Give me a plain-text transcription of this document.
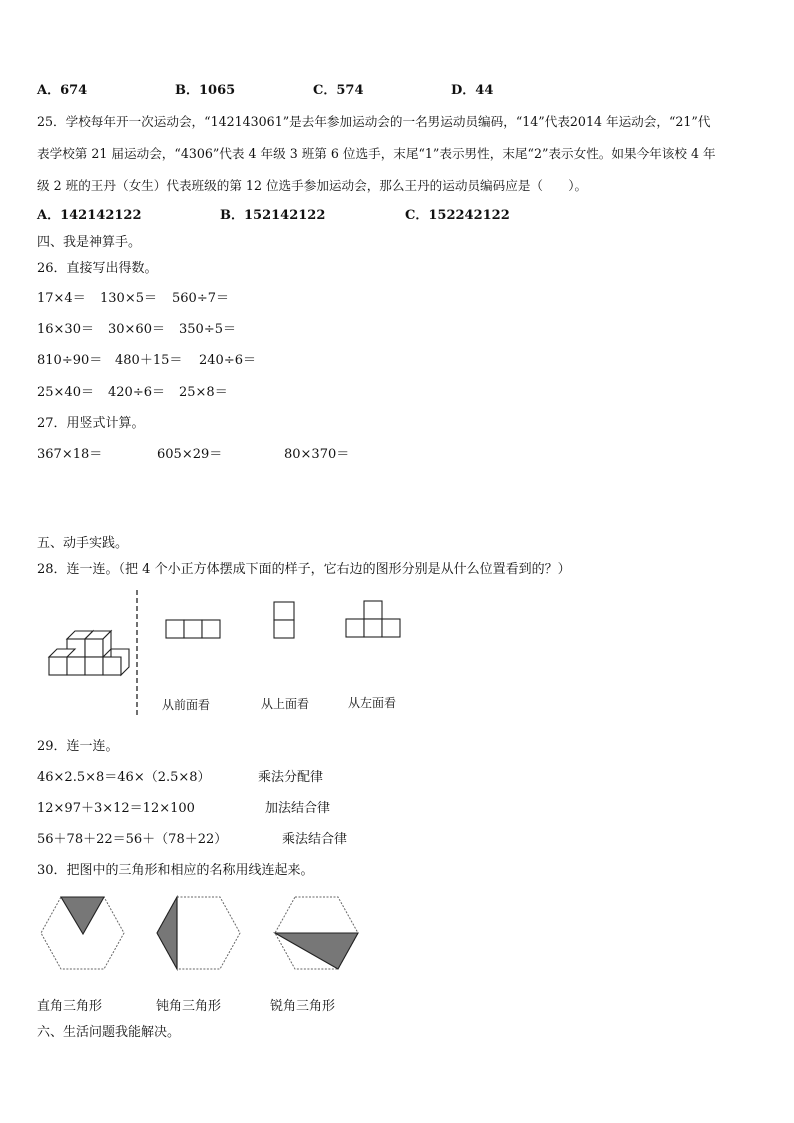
A．674	B．1065	C．574	D．44
25．学校每年开一次运动会，“142143061”是去年参加运动会的一名男运动员编码，“14”代表2014 年运动会，“21”代
表学校第 21 届运动会，“4306”代表 4 年级 3 班第 6 位选手，末尾“1”表示男性，末尾“2”表示女性。如果今年该校 4 年
级 2 班的王丹（女生）代表班级的第 12 位选手参加运动会，那么王丹的运动员编码应是（　　）。
A．142142122	B．152142122	C．152242122
四、我是神算手。
26．直接写出得数。
17×4＝ 130×5＝ 560÷7＝
16×30＝ 30×60＝ 350÷5＝
810÷90＝ 480＋15＝ 240÷6＝
25×40＝ 420÷6＝ 25×8＝
27．用竖式计算。
367×18＝	605×29＝	80×370＝
五、动手实践。
28．连一连。（把 4 个小正方体摆成下面的样子，它右边的图形分别是从什么位置看到的？）
从前面看	从上面看	从左面看
29．连一连。
46×2.5×8＝46×（2.5×8）	乘法分配律
12×97＋3×12＝12×100	加法结合律
56＋78＋22＝56＋（78＋22）	乘法结合律
30．把图中的三角形和相应的名称用线连起来。
直角三角形	钝角三角形	锐角三角形
六、生活问题我能解决。
